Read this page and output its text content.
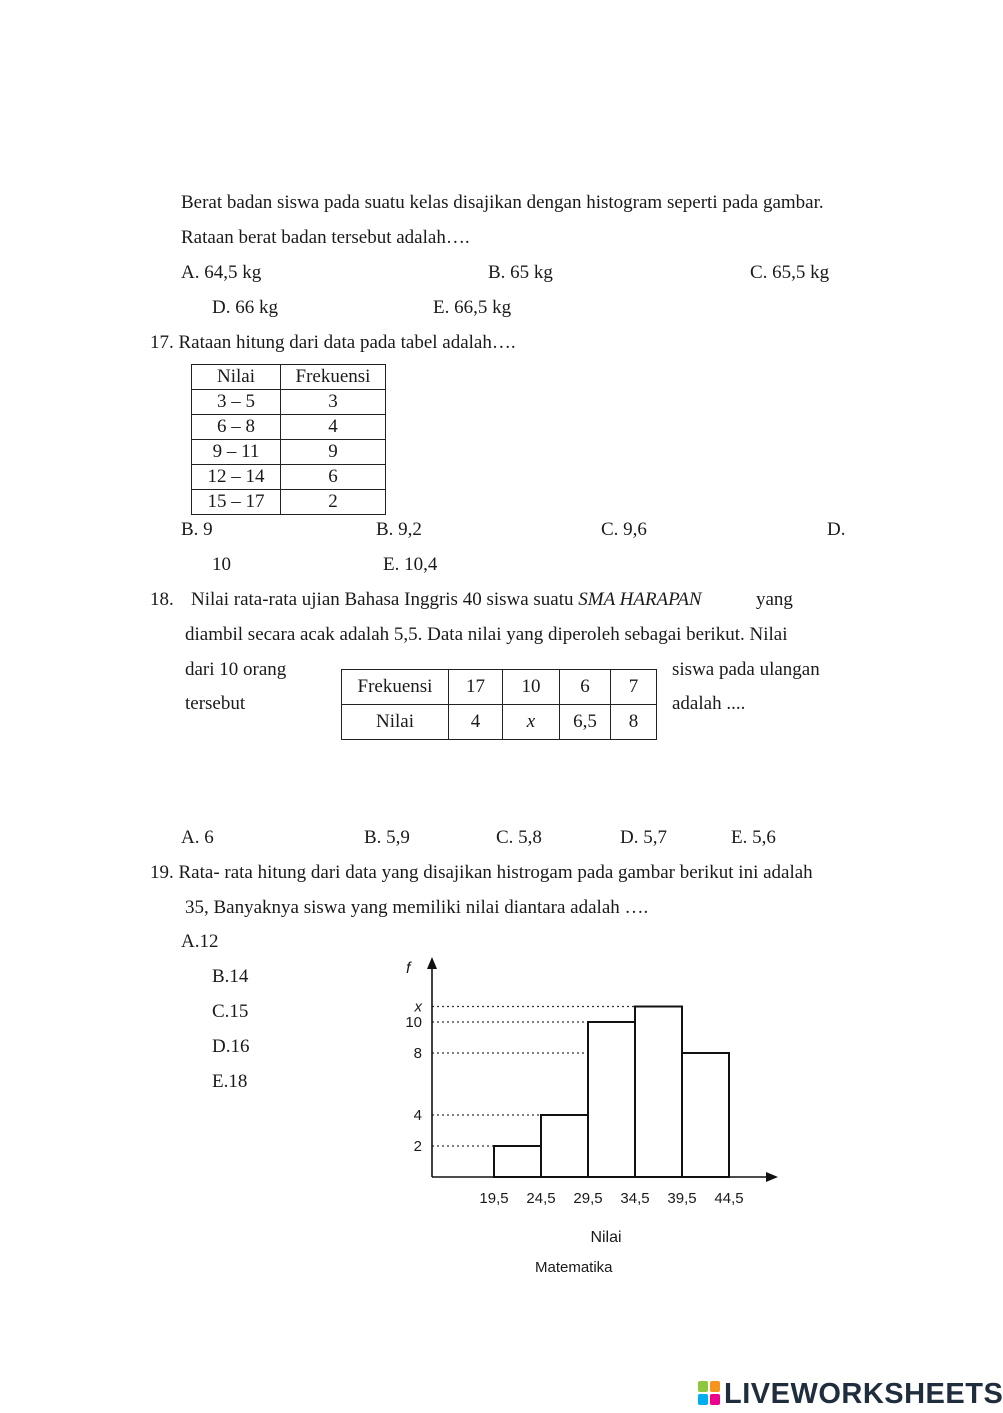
Berat badan siswa pada suatu kelas disajikan dengan histogram seperti pada gambar.
Rataan berat badan tersebut adalah….
A. 64,5 kg	B. 65 kg	C. 65,5 kg
D. 66 kg	E. 66,5 kg
17. Rataan hitung dari data pada tabel adalah….
Nilai	Frekuensi
3 – 5	3
6 – 8	4
9 – 11	9
12 – 14	6
15 – 17	2
B. 9	B. 9,2	C. 9,6	D.
10	E. 10,4
18. Nilai rata-rata ujian Bahasa Inggris 40 siswa suatu SMA HARAPAN	yang
diambil secara acak adalah 5,5. Data nilai yang diperoleh sebagai berikut. Nilai
dari 10 orang
tersebut
siswa pada ulangan
adalah ....
Frekuensi	17	10	6	7
Nilai	4	x	6,5	8
A. 6	B. 5,9	C. 5,8	D. 5,7	E. 5,6
19. Rata- rata hitung dari data yang disajikan histrogam pada gambar berikut ini adalah
35, Banyaknya siswa yang memiliki nilai diantara adalah ….
A.12
B.14
C.15
D.16
E.18
f
Nilai
Matematika
2
4
8
10
x
19,5 24,5 29,5 34,5 39,5 44,5
LIVEWORKSHEETS
